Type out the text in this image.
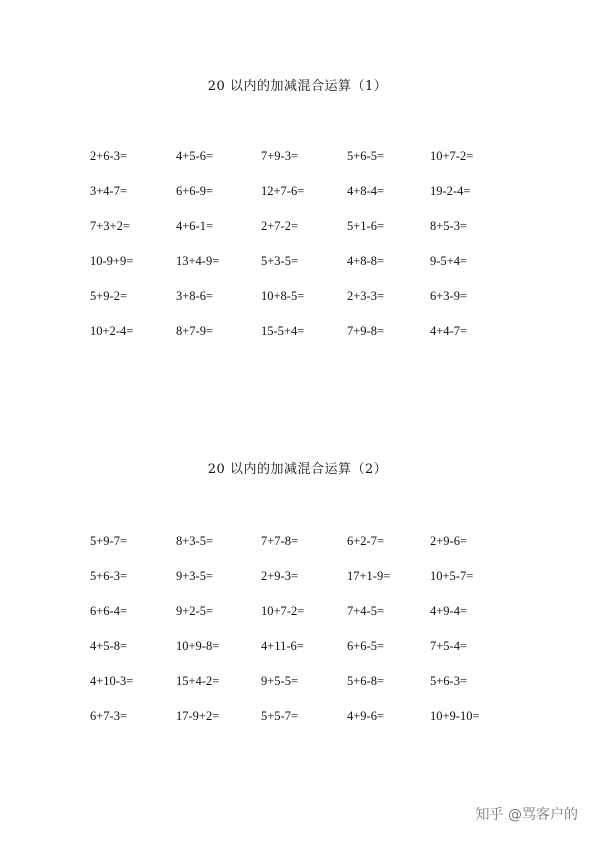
20 以内的加减混合运算（1）
2+6-3=	4+5-6=	7+9-3=	5+6-5=	10+7-2=
3+4-7=	6+6-9=	12+7-6=	4+8-4=	19-2-4=
7+3+2=	4+6-1=	2+7-2=	5+1-6=	8+5-3=
10-9+9=	13+4-9=	5+3-5=	4+8-8=	9-5+4=
5+9-2=	3+8-6=	10+8-5=	2+3-3=	6+3-9=
10+2-4=	8+7-9=	15-5+4=	7+9-8=	4+4-7=
20 以内的加减混合运算（2）
5+9-7=	8+3-5=	7+7-8=	6+2-7=	2+9-6=
5+6-3=	9+3-5=	2+9-3=	17+1-9=	10+5-7=
6+6-4=	9+2-5=	10+7-2=	7+4-5=	4+9-4=
4+5-8=	10+9-8=	4+11-6=	6+6-5=	7+5-4=
4+10-3=	15+4-2=	9+5-5=	5+6-8=	5+6-3=
6+7-3=	17-9+2=	5+5-7=	4+9-6=	10+9-10=
知乎 @骂客户的
